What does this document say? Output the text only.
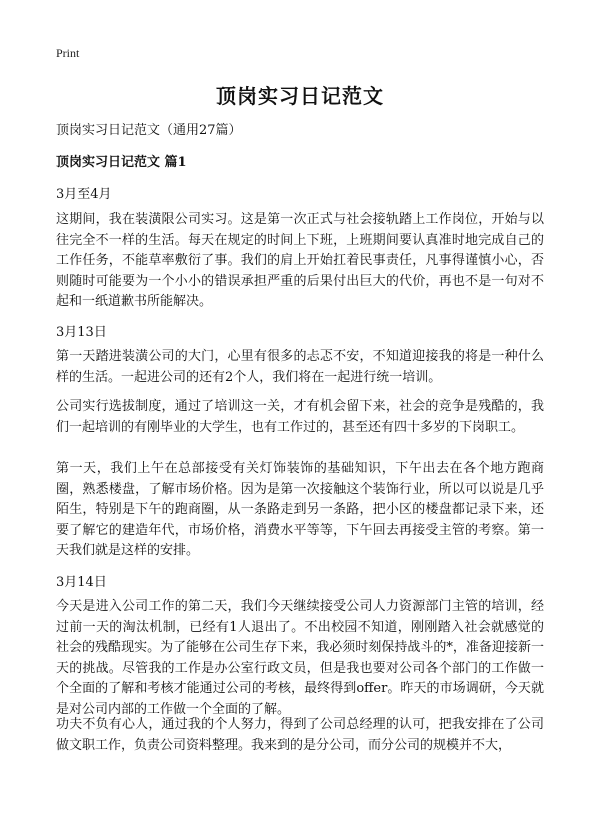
Print
顶岗实习日记范文

顶岗实习日记范文（通用27篇）

顶岗实习日记范文 篇1

3月至4月

这期间，我在装潢限公司实习。这是第一次正式与社会接轨踏上工作岗位，开始与以往完全不一样的生活。每天在规定的时间上下班，上班期间要认真准时地完成自己的工作任务，不能草率敷衍了事。我们的肩上开始扛着民事责任，凡事得谨慎小心，否则随时可能要为一个小小的错误承担严重的后果付出巨大的代价，再也不是一句对不起和一纸道歉书所能解决。

3月13日

第一天踏进装潢公司的大门，心里有很多的忐忑不安，不知道迎接我的将是一种什么样的生活。一起进公司的还有2个人，我们将在一起进行统一培训。

公司实行选拔制度，通过了培训这一关，才有机会留下来，社会的竞争是残酷的，我们一起培训的有刚毕业的大学生，也有工作过的，甚至还有四十多岁的下岗职工。

第一天，我们上午在总部接受有关灯饰装饰的基础知识，下午出去在各个地方跑商圈，熟悉楼盘，了解市场价格。因为是第一次接触这个装饰行业，所以可以说是几乎陌生，特别是下午的跑商圈，从一条路走到另一条路，把小区的楼盘都记录下来，还要了解它的建造年代，市场价格，消费水平等等，下午回去再接受主管的考察。第一天我们就是这样的安排。

3月14日

今天是进入公司工作的第二天，我们今天继续接受公司人力资源部门主管的培训，经过前一天的淘汰机制，已经有1人退出了。不出校园不知道，刚刚踏入社会就感觉的社会的残酷现实。为了能够在公司生存下来，我必须时刻保持战斗的*，准备迎接新一天的挑战。尽管我的工作是办公室行政文员，但是我也要对公司各个部门的工作做一个全面的了解和考核才能通过公司的考核，最终得到offer。昨天的市场调研，今天就是对公司内部的工作做一个全面的了解。

功夫不负有心人，通过我的个人努力，得到了公司总经理的认可，把我安排在了公司做文职工作，负责公司资料整理。我来到的是分公司，而分公司的规模并不大，
